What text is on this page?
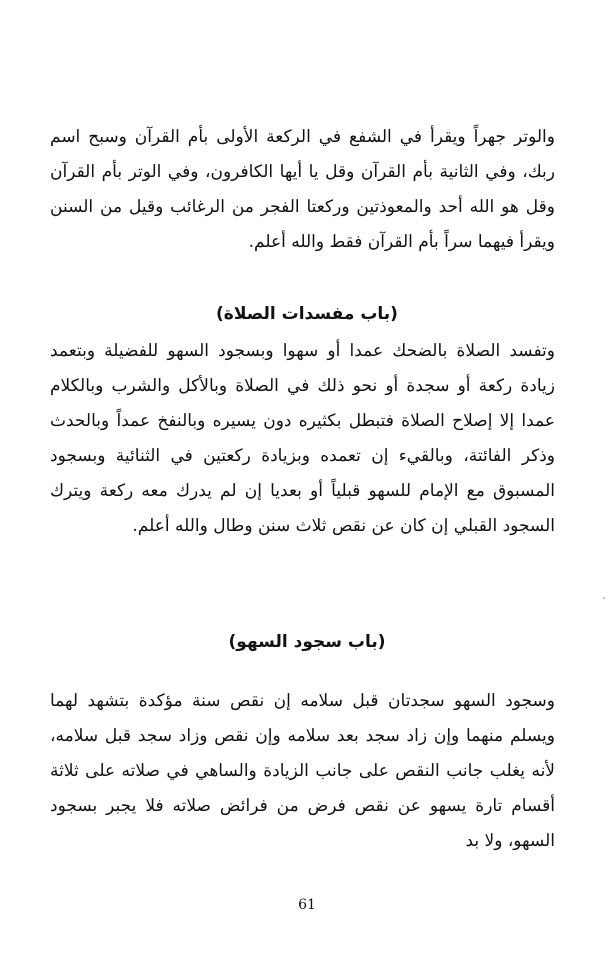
والوتر جهراً ويقرأ في الشفع في الركعة الأولى بأم القرآن وسبح اسم ربك، وفي الثانية بأم القرآن وقل يا أيها الكافرون، وفي الوتر بأم القرآن وقل هو الله أحد والمعوذتين وركعتا الفجر من الرغائب وقيل من السنن ويقرأ فيهما سراً بأم القرآن فقط والله أعلم.

(باب مفسدات الصلاة)

وتفسد الصلاة بالضحك عمدا أو سهوا وبسجود السهو للفضيلة وبتعمد زيادة ركعة أو سجدة أو نحو ذلك في الصلاة وبالأكل والشرب وبالكلام عمدا إلا إصلاح الصلاة فتبطل بكثيره دون يسيره وبالنفخ عمداً وبالحدث وذكر الفائتة، وبالقيء إن تعمده وبزيادة ركعتين في الثنائية وبسجود المسبوق مع الإمام للسهو قبلياً أو بعديا إن لم يدرك معه ركعة ويترك السجود القبلي إن كان عن نقص ثلاث سنن وطال والله أعلم.

(باب سجود السهو)

وسجود السهو سجدتان قبل سلامه إن نقص سنة مؤكدة بتشهد لهما ويسلم منهما وإن زاد سجد بعد سلامه وإن نقص وزاد سجد قبل سلامه، لأنه يغلب جانب النقص على جانب الزيادة والساهي في صلاته على ثلاثة أقسام تارة يسهو عن نقص فرض من فرائض صلاته فلا يجبر بسجود السهو، ولا بد

61
